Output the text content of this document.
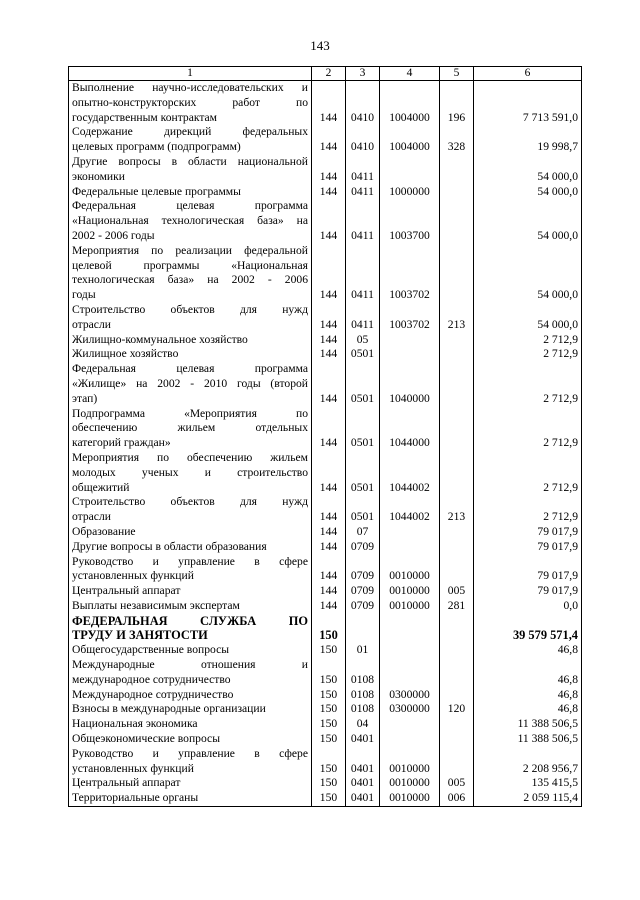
143
1	2	3	4	5	6

Выполнение научно-исследовательских и
опытно-конструкторских работ по
государственным контрактам	144	0410	1004000	196	7 713 591,0

Содержание дирекций федеральных
целевых программ (подпрограмм)	144	0410	1004000	328	19 998,7

Другие вопросы в области национальной
экономики	144	0411			54 000,0

Федеральные целевые программы	144	0411	1000000		54 000,0

Федеральная целевая программа
«Национальная технологическая база» на
2002 - 2006 годы	144	0411	1003700		54 000,0

Мероприятия по реализации федеральной
целевой программы «Национальная
технологическая база» на 2002 - 2006
годы	144	0411	1003702		54 000,0

Строительство объектов для нужд
отрасли	144	0411	1003702	213	54 000,0

Жилищно-коммунальное хозяйство	144	05			2 712,9

Жилищное хозяйство	144	0501			2 712,9

Федеральная целевая программа
«Жилище» на 2002 - 2010 годы (второй
этап)	144	0501	1040000		2 712,9

Подпрограмма «Мероприятия по
обеспечению жильем отдельных
категорий граждан»	144	0501	1044000		2 712,9

Мероприятия по обеспечению жильем
молодых ученых и строительство
общежитий	144	0501	1044002		2 712,9

Строительство объектов для нужд
отрасли	144	0501	1044002	213	2 712,9

Образование	144	07			79 017,9

Другие вопросы в области образования	144	0709			79 017,9

Руководство и управление в сфере
установленных функций	144	0709	0010000		79 017,9

Центральный аппарат	144	0709	0010000	005	79 017,9

Выплаты независимым экспертам	144	0709	0010000	281	0,0

ФЕДЕРАЛЬНАЯ СЛУЖБА ПО
ТРУДУ И ЗАНЯТОСТИ	150				39 579 571,4

Общегосударственные вопросы	150	01			46,8

Международные отношения и
международное сотрудничество	150	0108			46,8

Международное сотрудничество	150	0108	0300000		46,8

Взносы в международные организации	150	0108	0300000	120	46,8

Национальная экономика	150	04			11 388 506,5

Общеэкономические вопросы	150	0401			11 388 506,5

Руководство и управление в сфере
установленных функций	150	0401	0010000		2 208 956,7

Центральный аппарат	150	0401	0010000	005	135 415,5

Территориальные органы	150	0401	0010000	006	2 059 115,4
